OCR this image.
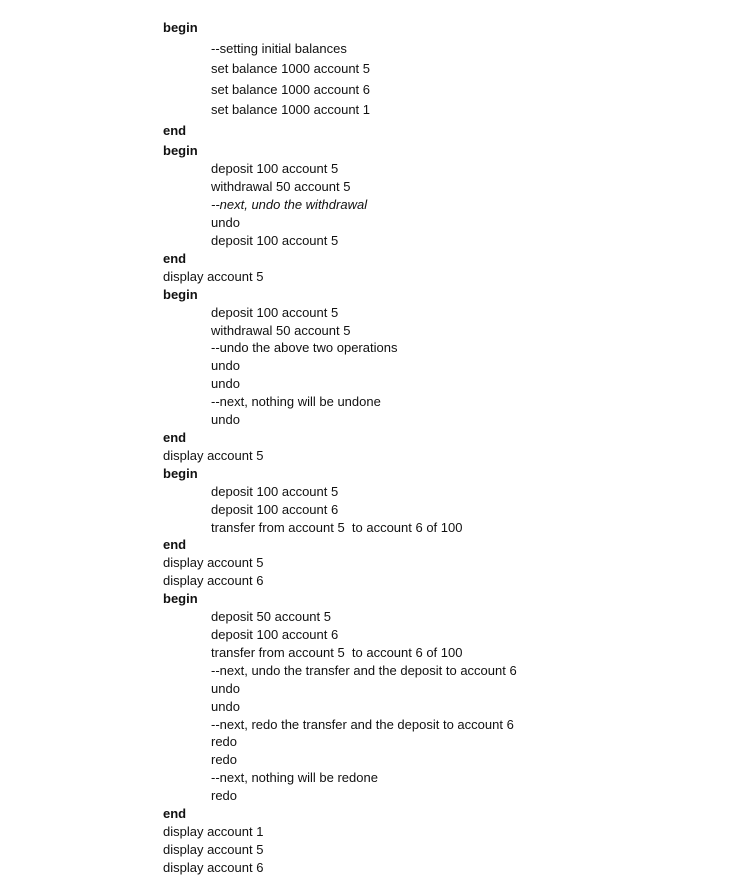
begin
--setting initial balances
set balance 1000 account 5
set balance 1000 account 6
set balance 1000 account 1
end
begin
deposit 100 account 5
withdrawal 50 account 5
--next, undo the withdrawal
undo
deposit 100 account 5
end
display account 5
begin
deposit 100 account 5
withdrawal 50 account 5
--undo the above two operations
undo
undo
--next, nothing will be undone
undo
end
display account 5
begin
deposit 100 account 5
deposit 100 account 6
transfer from account 5  to account 6 of 100
end
display account 5
display account 6
begin
deposit 50 account 5
deposit 100 account 6
transfer from account 5  to account 6 of 100
--next, undo the transfer and the deposit to account 6
undo
undo
--next, redo the transfer and the deposit to account 6
redo
redo
--next, nothing will be redone
redo
end
display account 1
display account 5
display account 6
